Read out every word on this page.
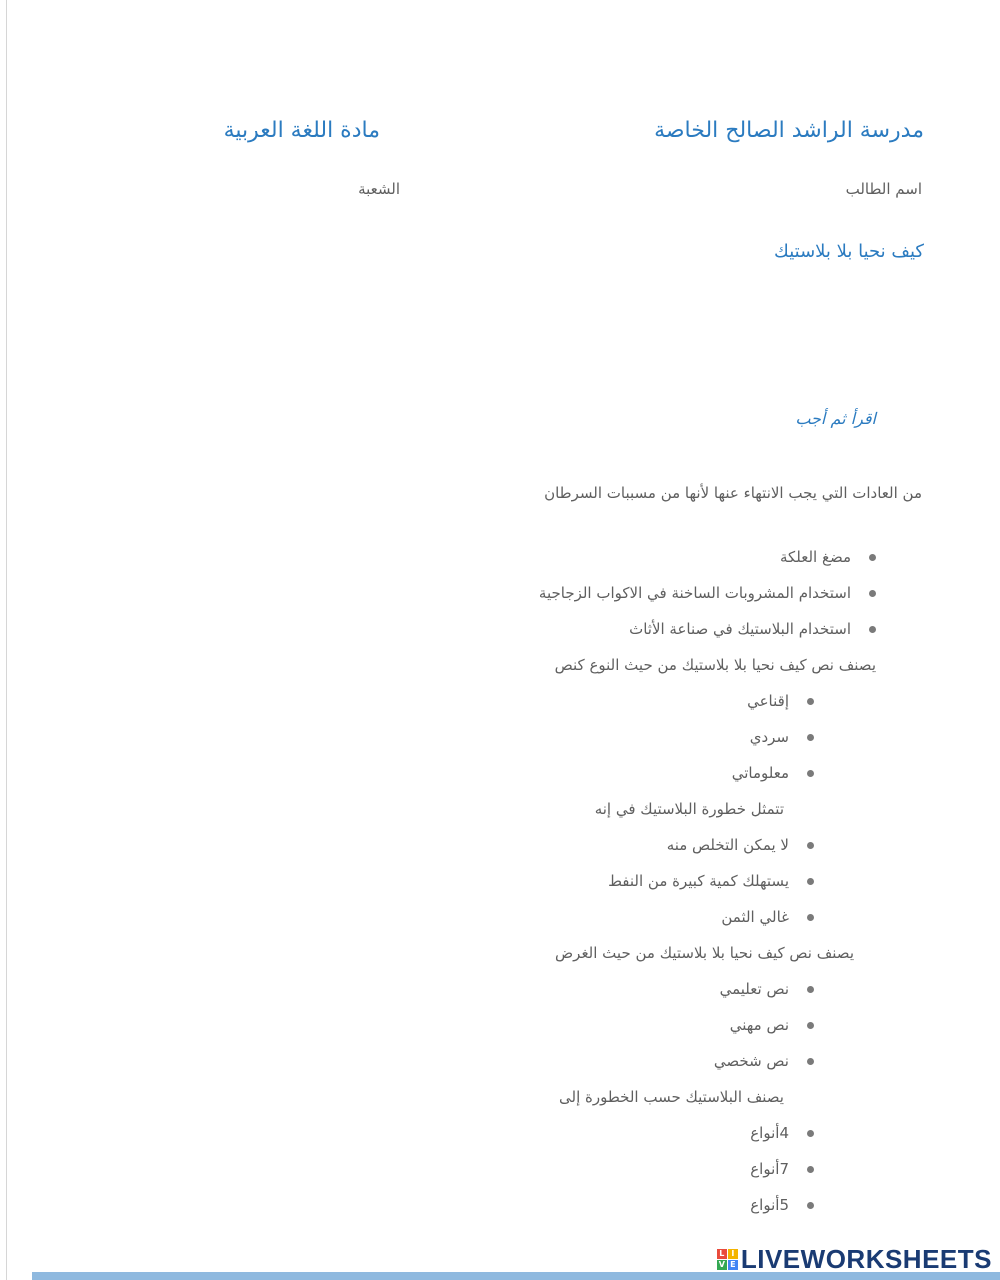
مدرسة الراشد الصالح الخاصة
مادة اللغة العربية
اسم الطالب
الشعبة
كيف نحيا بلا بلاستيك
اقرأ ثم أجب
من العادات التي يجب الانتهاء عنها لأنها من مسببات السرطان
مضغ العلكة
استخدام المشروبات الساخنة في الاكواب الزجاجية
استخدام البلاستيك في صناعة الأثاث
يصنف نص كيف نحيا بلا بلاستيك من حيث النوع كنص
إقناعي
سردي
معلوماتي
تتمثل خطورة البلاستيك في إنه
لا يمكن التخلص منه
يستهلك كمية كبيرة من النفط
غالي الثمن
يصنف نص كيف نحيا بلا بلاستيك من حيث الغرض
نص تعليمي
نص مهني
نص شخصي
يصنف البلاستيك حسب الخطورة إلى
4أنواع
7أنواع
5أنواع
L I
V E LIVEWORKSHEETS
